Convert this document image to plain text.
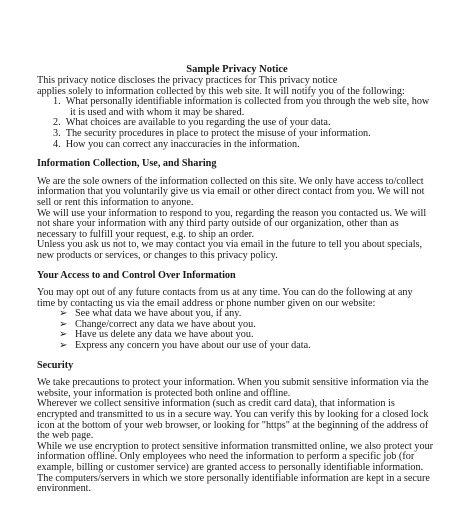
Sample Privacy Notice
This privacy notice discloses the privacy practices for This privacy notice
applies solely to information collected by this web site. It will notify you of the following:
1. What personally identifiable information is collected from you through the web site, how
it is used and with whom it may be shared.
2. What choices are available to you regarding the use of your data.
3. The security procedures in place to protect the misuse of your information.
4. How you can correct any inaccuracies in the information.
Information Collection, Use, and Sharing
We are the sole owners of the information collected on this site. We only have access to/collect
information that you voluntarily give us via email or other direct contact from you. We will not
sell or rent this information to anyone.
We will use your information to respond to you, regarding the reason you contacted us. We will
not share your information with any third party outside of our organization, other than as
necessary to fulfill your request, e.g. to ship an order.
Unless you ask us not to, we may contact you via email in the future to tell you about specials,
new products or services, or changes to this privacy policy.
Your Access to and Control Over Information
You may opt out of any future contacts from us at any time. You can do the following at any
time by contacting us via the email address or phone number given on our website:
➢ See what data we have about you, if any.
➢ Change/correct any data we have about you.
➢ Have us delete any data we have about you.
➢ Express any concern you have about our use of your data.
Security
We take precautions to protect your information. When you submit sensitive information via the
website, your information is protected both online and offline.
Wherever we collect sensitive information (such as credit card data), that information is
encrypted and transmitted to us in a secure way. You can verify this by looking for a closed lock
icon at the bottom of your web browser, or looking for "https" at the beginning of the address of
the web page.
While we use encryption to protect sensitive information transmitted online, we also protect your
information offline. Only employees who need the information to perform a specific job (for
example, billing or customer service) are granted access to personally identifiable information.
The computers/servers in which we store personally identifiable information are kept in a secure
environment.
